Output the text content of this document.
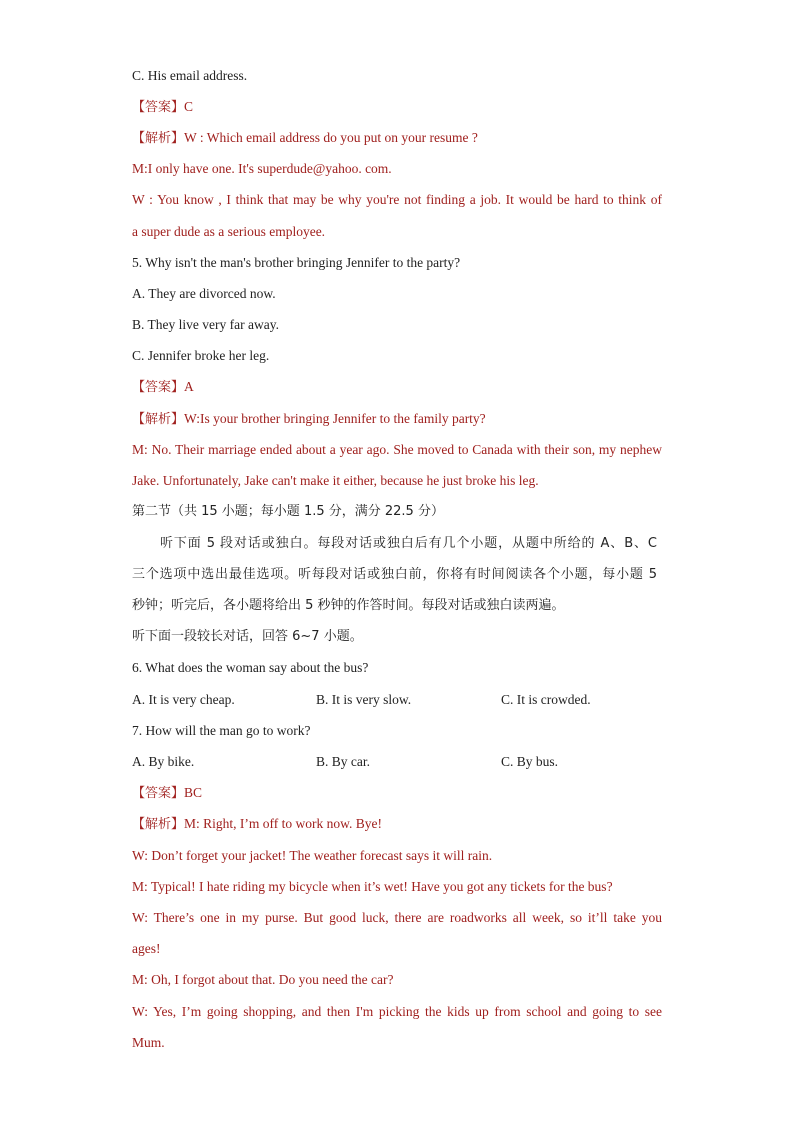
C. His email address.
【答案】C
【解析】W : Which email address do you put on your resume ?
M:I only have one. It's superdude@yahoo. com.
W : You know , I think that may be why you're not finding a job. It would be hard to think of
a super dude as a serious employee.
5. Why isn't the man's brother bringing Jennifer to the party?
A. They are divorced now.
B. They live very far away.
C. Jennifer broke her leg.
【答案】A
【解析】W:Is your brother bringing Jennifer to the family party?
M: No. Their marriage ended about a year ago. She moved to Canada with their son, my nephew
Jake. Unfortunately, Jake can't make it either, because he just broke his leg.
第二节（共 15 小题；每小题 1.5 分，满分 22.5 分）
听下面 5 段对话或独白。每段对话或独白后有几个小题，从题中所给的 A、B、C
三个选项中选出最佳选项。听每段对话或独白前，你将有时间阅读各个小题，每小题 5
秒钟；听完后，各小题将给出 5 秒钟的作答时间。每段对话或独白读两遍。
听下面一段较长对话，回答 6~7 小题。
6. What does the woman say about the bus?
A. It is very cheap.	B. It is very slow.	C. It is crowded.
7. How will the man go to work?
A. By bike.	B. By car.	C. By bus.
【答案】BC
【解析】M: Right, I’m off to work now. Bye!
W: Don’t forget your jacket! The weather forecast says it will rain.
M: Typical! I hate riding my bicycle when it’s wet! Have you got any tickets for the bus?
W: There’s one in my purse. But good luck, there are roadworks all week, so it’ll take you
ages!
M: Oh, I forgot about that. Do you need the car?
W: Yes, I’m going shopping, and then I'm picking the kids up from school and going to see
Mum.
